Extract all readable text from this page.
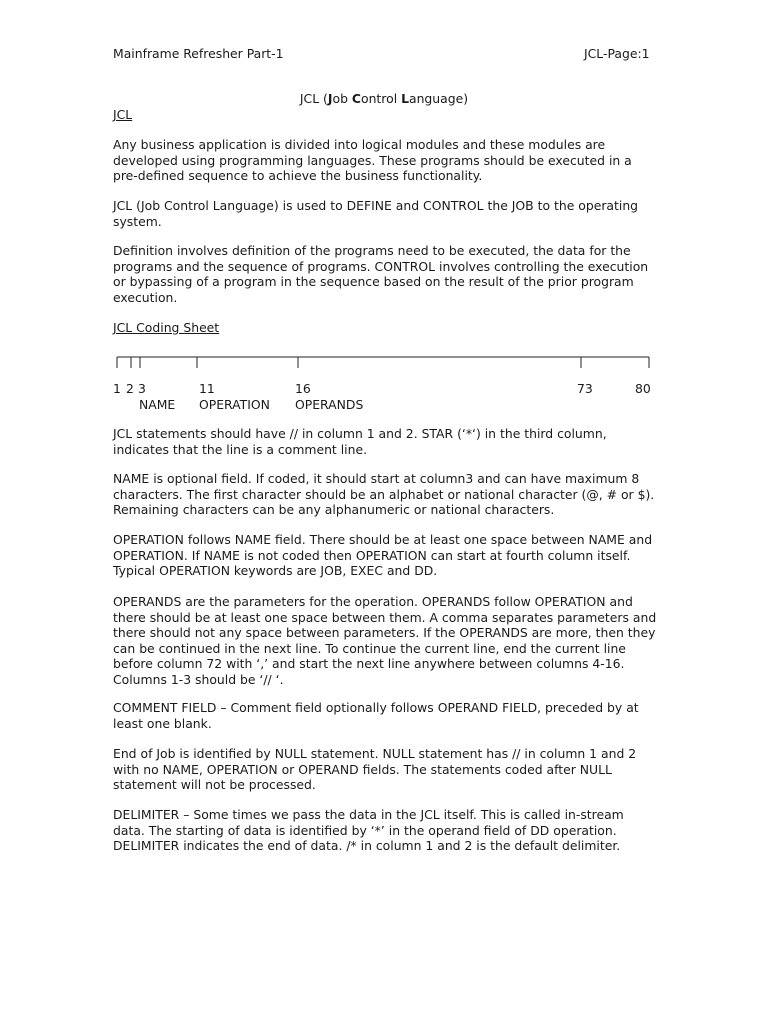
Mainframe Refresher Part-1	JCL-Page:1
JCL (Job Control Language)
JCL

Any business application is divided into logical modules and these modules are developed using programming languages. These programs should be executed in a pre-defined sequence to achieve the business functionality.

JCL (Job Control Language) is used to DEFINE and CONTROL the JOB to the operating system.

Definition involves definition of the programs need to be executed, the data for the programs and the sequence of programs. CONTROL involves controlling the execution or bypassing of a program in the sequence based on the result of the prior program execution.

JCL Coding Sheet
1 2 3	11	16	73	80
NAME OPERATION OPERANDS

JCL statements should have // in column 1 and 2. STAR (‘*‘) in the third column, indicates that the line is a comment line.

NAME is optional field. If coded, it should start at column3 and can have maximum 8 characters. The first character should be an alphabet or national character (@, # or $). Remaining characters can be any alphanumeric or national characters.

OPERATION follows NAME field. There should be at least one space between NAME and OPERATION. If NAME is not coded then OPERATION can start at fourth column itself. Typical OPERATION keywords are JOB, EXEC and DD.

OPERANDS are the parameters for the operation. OPERANDS follow OPERATION and there should be at least one space between them. A comma separates parameters and there should not any space between parameters. If the OPERANDS are more, then they can be continued in the next line. To continue the current line, end the current line before column 72 with ‘,’ and start the next line anywhere between columns 4-16. Columns 1-3 should be ‘// ‘.

COMMENT FIELD – Comment field optionally follows OPERAND FIELD, preceded by at least one blank.

End of Job is identified by NULL statement. NULL statement has // in column 1 and 2 with no NAME, OPERATION or OPERAND fields. The statements coded after NULL statement will not be processed.

DELIMITER – Some times we pass the data in the JCL itself. This is called in-stream data. The starting of data is identified by ‘*’ in the operand field of DD operation. DELIMITER indicates the end of data. /* in column 1 and 2 is the default delimiter.
